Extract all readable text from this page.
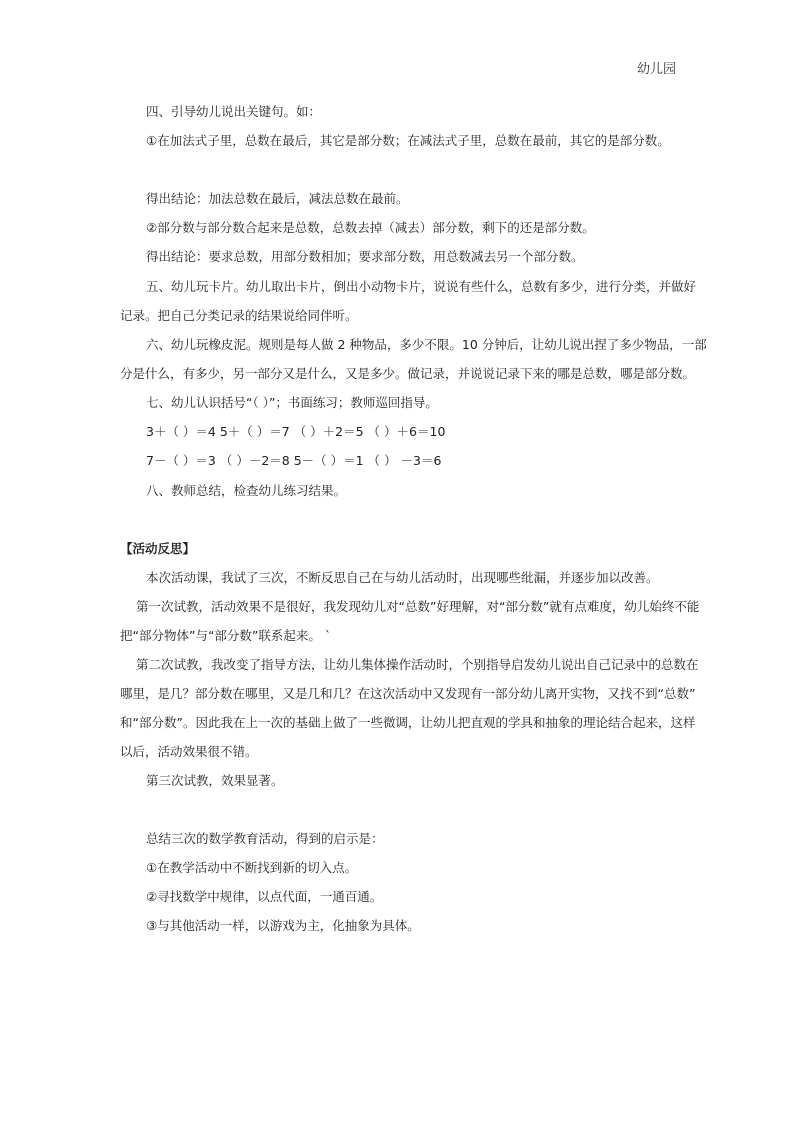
幼儿园
四、引导幼儿说出关键句。如：
①在加法式子里，总数在最后，其它是部分数；在减法式子里，总数在最前，其它的是部分数。
得出结论：加法总数在最后，减法总数在最前。
②部分数与部分数合起来是总数，总数去掉（减去）部分数，剩下的还是部分数。
得出结论：要求总数，用部分数相加；要求部分数，用总数减去另一个部分数。
五、幼儿玩卡片。幼儿取出卡片，倒出小动物卡片，说说有些什么，总数有多少，进行分类，并做好
记录。把自己分类记录的结果说给同伴听。
六、幼儿玩橡皮泥。规则是每人做 2 种物品，多少不限。10 分钟后，让幼儿说出捏了多少物品，一部
分是什么，有多少，另一部分又是什么，又是多少。做记录，并说说记录下来的哪是总数，哪是部分数。
七、幼儿认识括号“（ ）”；书面练习；教师巡回指导。
3＋（ ）＝4 5＋（ ）＝7 （ ）＋2＝5 （ ）＋6＝10
7－（ ）＝3 （ ）－2＝8 5－（ ）＝1 （ ） －3＝6
八、教师总结，检查幼儿练习结果。
【活动反思】
本次活动课，我试了三次，不断反思自己在与幼儿活动时，出现哪些纰漏，并逐步加以改善。
第一次试教，活动效果不是很好，我发现幼儿对“总数”好理解，对“部分数”就有点难度，幼儿始终不能
把“部分物体”与“部分数”联系起来。 `
第二次试教，我改变了指导方法，让幼儿集体操作活动时，个别指导启发幼儿说出自己记录中的总数在
哪里，是几？部分数在哪里，又是几和几？在这次活动中又发现有一部分幼儿离开实物，又找不到“总数”
和“部分数”。因此我在上一次的基础上做了一些微调，让幼儿把直观的学具和抽象的理论结合起来，这样
以后，活动效果很不错。
第三次试教，效果显著。
总结三次的数学教育活动，得到的启示是：
①在教学活动中不断找到新的切入点。
②寻找数学中规律，以点代面，一通百通。
③与其他活动一样，以游戏为主，化抽象为具体。
